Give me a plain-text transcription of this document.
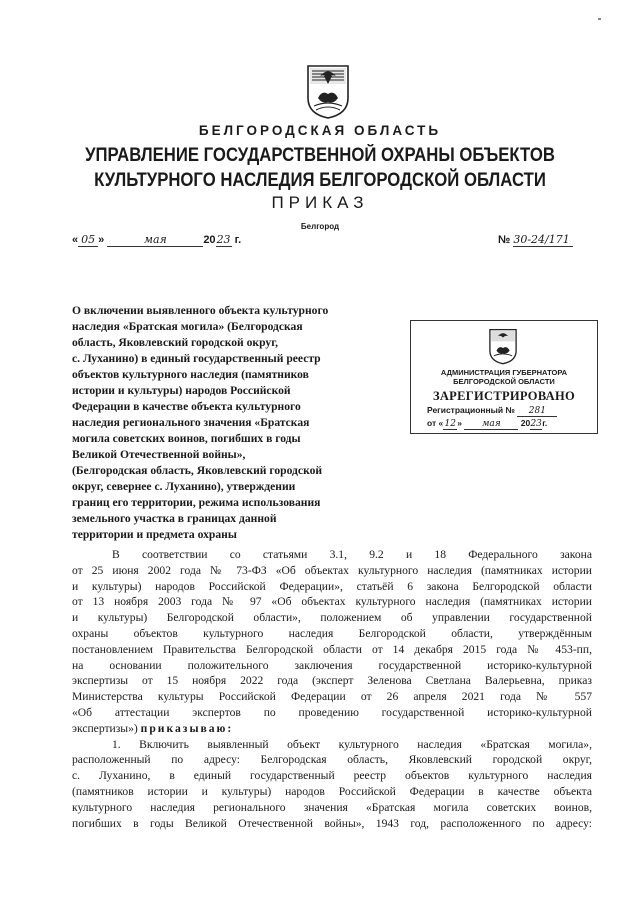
БЕЛГОРОДСКАЯ ОБЛАСТЬ
УПРАВЛЕНИЕ ГОСУДАРСТВЕННОЙ ОХРАНЫ ОБЪЕКТОВ
КУЛЬТУРНОГО НАСЛЕДИЯ БЕЛГОРОДСКОЙ ОБЛАСТИ
ПРИКАЗ
Белгород
« 05 »	мая	2023 г.	№ 30-24/171
О включении выявленного объекта культурного
наследия «Братская могила» (Белгородская
область, Яковлевский городской округ,
с. Луханино) в единый государственный реестр
объектов культурного наследия (памятников
истории и культуры) народов Российской
Федерации в качестве объекта культурного
наследия регионального значения «Братская
могила советских воинов, погибших в годы
Великой Отечественной войны»,
(Белгородская область, Яковлевский городской
округ, севернее с. Луханино), утверждении
границ его территории, режима использования
земельного участка в границах данной
территории и предмета охраны
АДМИНИСТРАЦИЯ ГУБЕРНАТОРА
БЕЛГОРОДСКОЙ ОБЛАСТИ
ЗАРЕГИСТРИРОВАНО
Регистрационный № 281
от «12» мая 2023г.
В соответствии со статьями 3.1, 9.2 и 18 Федерального закона
от 25 июня 2002 года № 73-ФЗ «Об объектах культурного наследия (памятниках истории
и культуры) народов Российской Федерации», статьёй 6 закона Белгородской области
от 13 ноября 2003 года № 97 «Об объектах культурного наследия (памятниках истории
и культуры) Белгородской области», положением об управлении государственной
охраны объектов культурного наследия Белгородской области, утверждённым
постановлением Правительства Белгородской области от 14 декабря 2015 года № 453-пп,
на основании положительного заключения государственной историко-культурной
экспертизы от 15 ноября 2022 года (эксперт Зеленова Светлана Валерьевна, приказ
Министерства культуры Российской Федерации от 26 апреля 2021 года № 557
«Об аттестации экспертов по проведению государственной историко-культурной
экспертизы») приказываю:
1. Включить выявленный объект культурного наследия «Братская могила»,
расположенный по адресу: Белгородская область, Яковлевский городской округ,
с. Луханино, в единый государственный реестр объектов культурного наследия
(памятников истории и культуры) народов Российской Федерации в качестве объекта
культурного наследия регионального значения «Братская могила советских воинов,
погибших в годы Великой Отечественной войны», 1943 год, расположенного по адресу:
